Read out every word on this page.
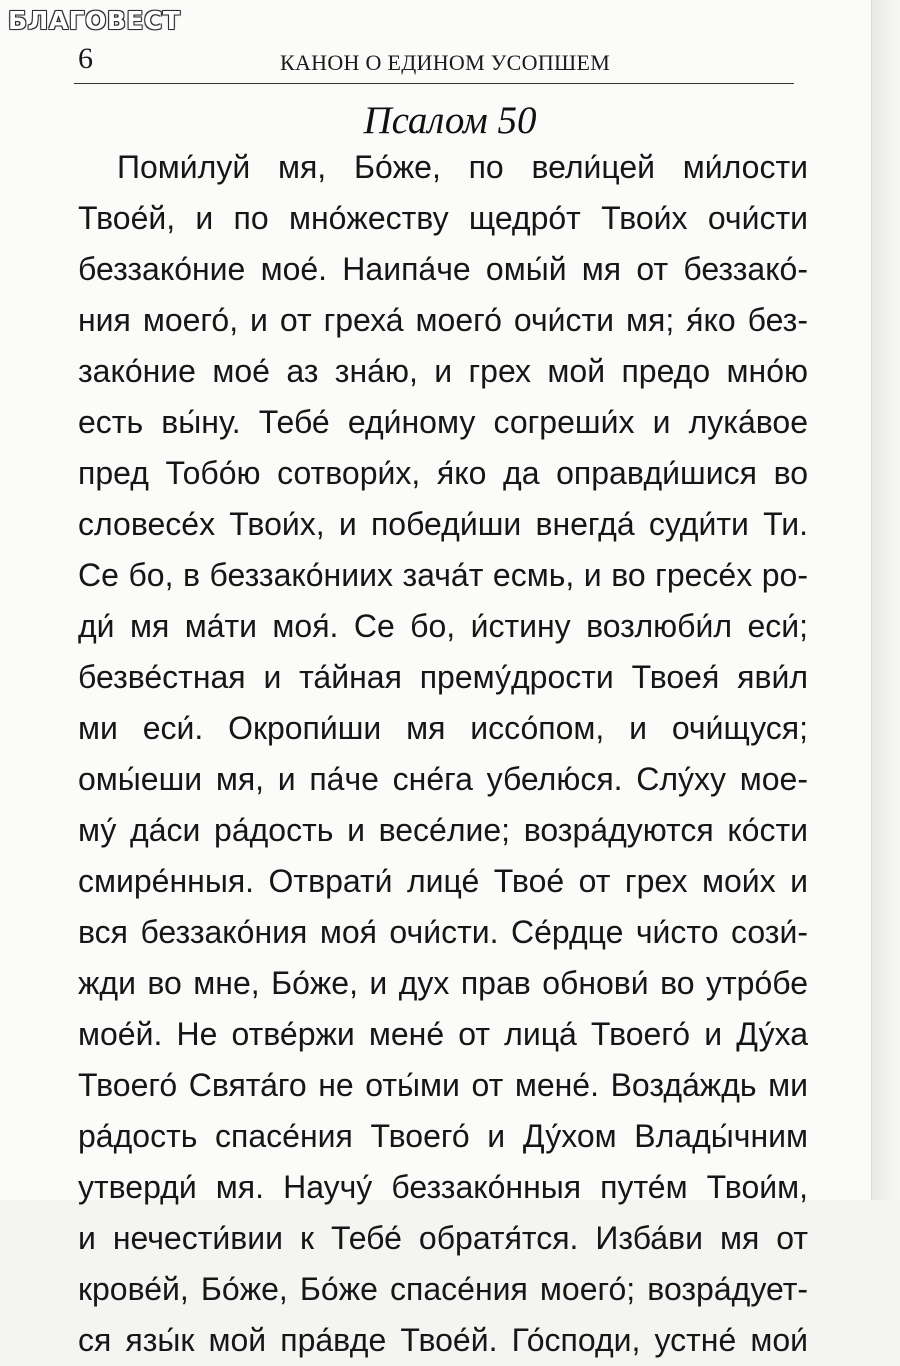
БЛАГОВЕСТ
6	КАНОН О ЕДИНОМ УСОПШЕМ
Псалом 50
Поми́луй мя, Бо́же, по вели́цей ми́лости
Твое́й, и по мно́жеству щедро́т Твои́х очи́сти
беззако́ние мое́. Наипа́че омы́й мя от беззако́-
ния моего́, и от греха́ моего́ очи́сти мя; я́ко без-
зако́ние мое́ аз зна́ю, и грех мой предо мно́ю
есть вы́ну. Тебе́ еди́ному согреши́х и лука́вое
пред Тобо́ю сотвори́х, я́ко да оправди́шися во
словесе́х Твои́х, и победи́ши внегда́ суди́ти Ти.
Се бо, в беззако́ниих зача́т есмь, и во гресе́х ро-
ди́ мя ма́ти моя́. Се бо, и́стину возлюби́л еси́;
безве́стная и та́йная прему́дрости Твоея́ яви́л
ми еси́. Окропи́ши мя иссо́пом, и очи́щуся;
омы́еши мя, и па́че сне́га убелю́ся. Слу́ху мое-
му́ да́си ра́дость и весе́лие; возра́дуются ко́сти
смире́нныя. Отврати́ лице́ Твое́ от грех мои́х и
вся беззако́ния моя́ очи́сти. Се́рдце чи́сто сози́-
жди во мне, Бо́же, и дух прав обнови́ во утро́бе
мое́й. Не отве́ржи мене́ от лица́ Твоего́ и Ду́ха
Твоего́ Свята́го не оты́ми от мене́. Возда́ждь ми
ра́дость спасе́ния Твоего́ и Ду́хом Влады́чним
утверди́ мя. Научу́ беззако́нныя путе́м Твои́м,
и нечести́вии к Тебе́ обратя́тся. Изба́ви мя от
крове́й, Бо́же, Бо́же спасе́ния моего́; возра́дует-
ся язы́к мой пра́вде Твое́й. Го́споди, устне́ мои́
